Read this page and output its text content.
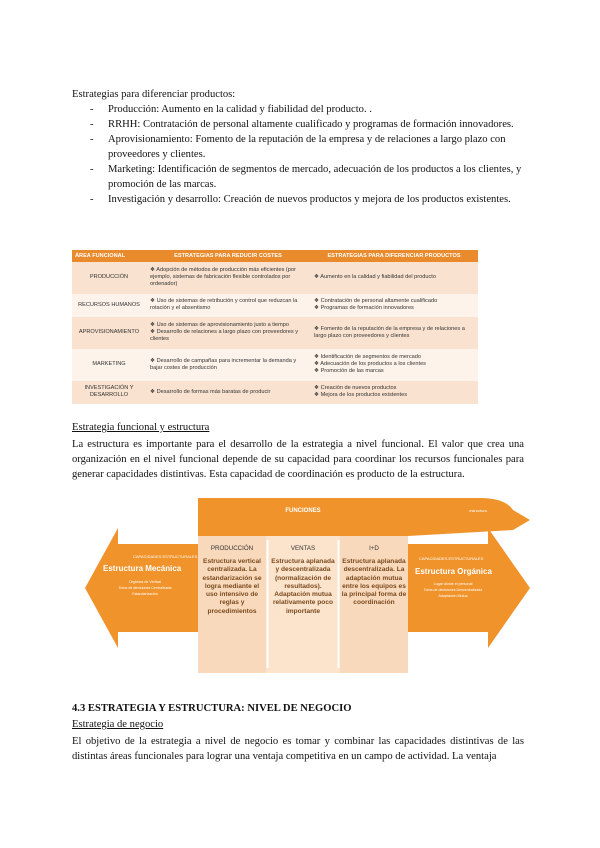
Estrategias para diferenciar productos:
- Producción: Aumento en la calidad y fiabilidad del producto. .
- RRHH: Contratación de personal altamente cualificado y programas de formación innovadores.
- Aprovisionamiento: Fomento de la reputación de la empresa y de relaciones a largo plazo con proveedores y clientes.
- Marketing: Identificación de segmentos de mercado, adecuación de los productos a los clientes, y promoción de las marcas.
- Investigación y desarrollo: Creación de nuevos productos y mejora de los productos existentes.
ÁREA FUNCIONAL	ESTRATEGIAS PARA REDUCIR COSTES	ESTRATEGIAS PARA DIFERENCIAR PRODUCTOS
PRODUCCIÓN	❖ Adopción de métodos de producción más eficientes (por ejemplo, sistemas de fabricación flexible controlados por ordenador)	❖ Aumento en la calidad y fiabilidad del producto
RECURSOS HUMANOS	❖ Uso de sistemas de retribución y control que reduzcan la rotación y el absentismo	❖ Contratación de personal altamente cualificado
❖ Programas de formación innovadores
APROVISIONAMIENTO	❖ Uso de sistemas de aprovisionamiento justo a tiempo
❖ Desarrollo de relaciones a largo plazo con proveedores y clientes	❖ Fomento de la reputación de la empresa y de relaciones a largo plazo con proveedores y clientes
MARKETING	❖ Desarrollo de campañas para incrementar la demanda y bajar costes de producción	❖ Identificación de segmentos de mercado
❖ Adecuación de los productos a los clientes
❖ Promoción de las marcas
INVESTIGACIÓN Y DESARROLLO	❖ Desarrollo de formas más baratas de producir	❖ Creación de nuevos productos
❖ Mejora de los productos existentes
Estrategia funcional y estructura
La estructura es importante para el desarrollo de la estrategia a nivel funcional. El valor que crea una organización en el nivel funcional depende de su capacidad para coordinar los recursos funcionales para generar capacidades distintivas. Esta capacidad de coordinación es producto de la estructura.
FUNCIONES	estructura
CAPACIDADES ESTRUCTURALES
Estructura Mecánica
Orgánica de Vertical
Toma de decisiones Centralizada
Estandarización
CAPACIDADES ESTRUCTURALES
Estructura Orgánica
Lugar dónde el personal
Toma de decisiones Descentralizada
Adaptación Mutua
PRODUCCIÓN	VENTAS	I+D
Estructura vertical centralizada. La estandarización se logra mediante el uso intensivo de reglas y procedimientos
Estructura aplanada y descentralizada (normalización de resultados). Adaptación mutua relativamente poco importante
Estructura aplanada descentralizada. La adaptación mutua entre los equipos es la principal forma de coordinación
4.3 ESTRATEGIA Y ESTRUCTURA: NIVEL DE NEGOCIO
Estrategia de negocio
El objetivo de la estrategia a nivel de negocio es tomar y combinar las capacidades distintivas de las distintas áreas funcionales para lograr una ventaja competitiva en un campo de actividad. La ventaja
